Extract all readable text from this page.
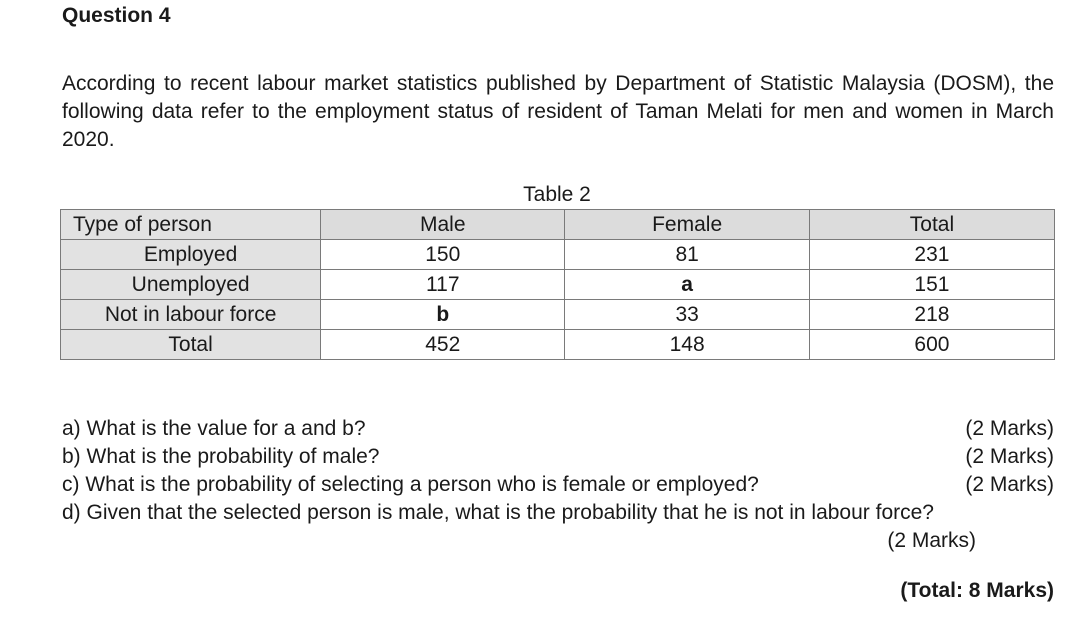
Question 4
According to recent labour market statistics published by Department of Statistic Malaysia (DOSM), the following data refer to the employment status of resident of Taman Melati for men and women in March 2020.
Table 2
Type of person	Male	Female	Total
Employed	150	81	231
Unemployed	117	a	151
Not in labour force	b	33	218
Total	452	148	600
a) What is the value for a and b?	(2 Marks)
b) What is the probability of male?	(2 Marks)
c) What is the probability of selecting a person who is female or employed?	(2 Marks)
d) Given that the selected person is male, what is the probability that he is not in labour force?
(2 Marks)
(Total: 8 Marks)
